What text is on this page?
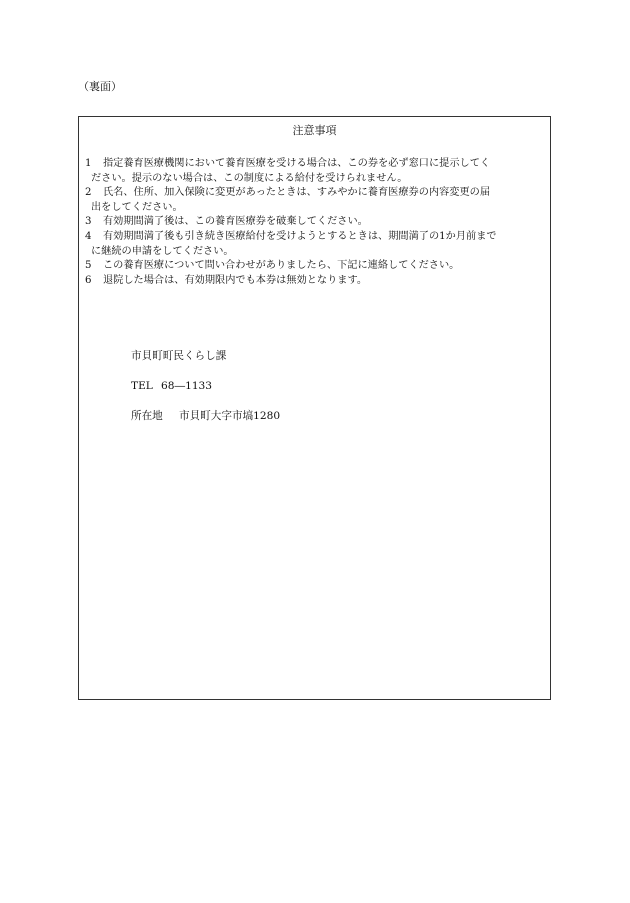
（裏面）
注意事項
1 指定養育医療機関において養育医療を受ける場合は、この券を必ず窓口に提示してく
ださい。提示のない場合は、この制度による給付を受けられません。
2 氏名、住所、加入保険に変更があったときは、すみやかに養育医療券の内容変更の届
出をしてください。
3 有効期間満了後は、この養育医療券を破棄してください。
4 有効期間満了後も引き続き医療給付を受けようとするときは、期間満了の1か月前まで
に継続の申請をしてください。
5 この養育医療について問い合わせがありましたら、下記に連絡してください。
6 退院した場合は、有効期限内でも本券は無効となります。
市貝町町民くらし課
TEL 68―1133
所在地 市貝町大字市塙1280
